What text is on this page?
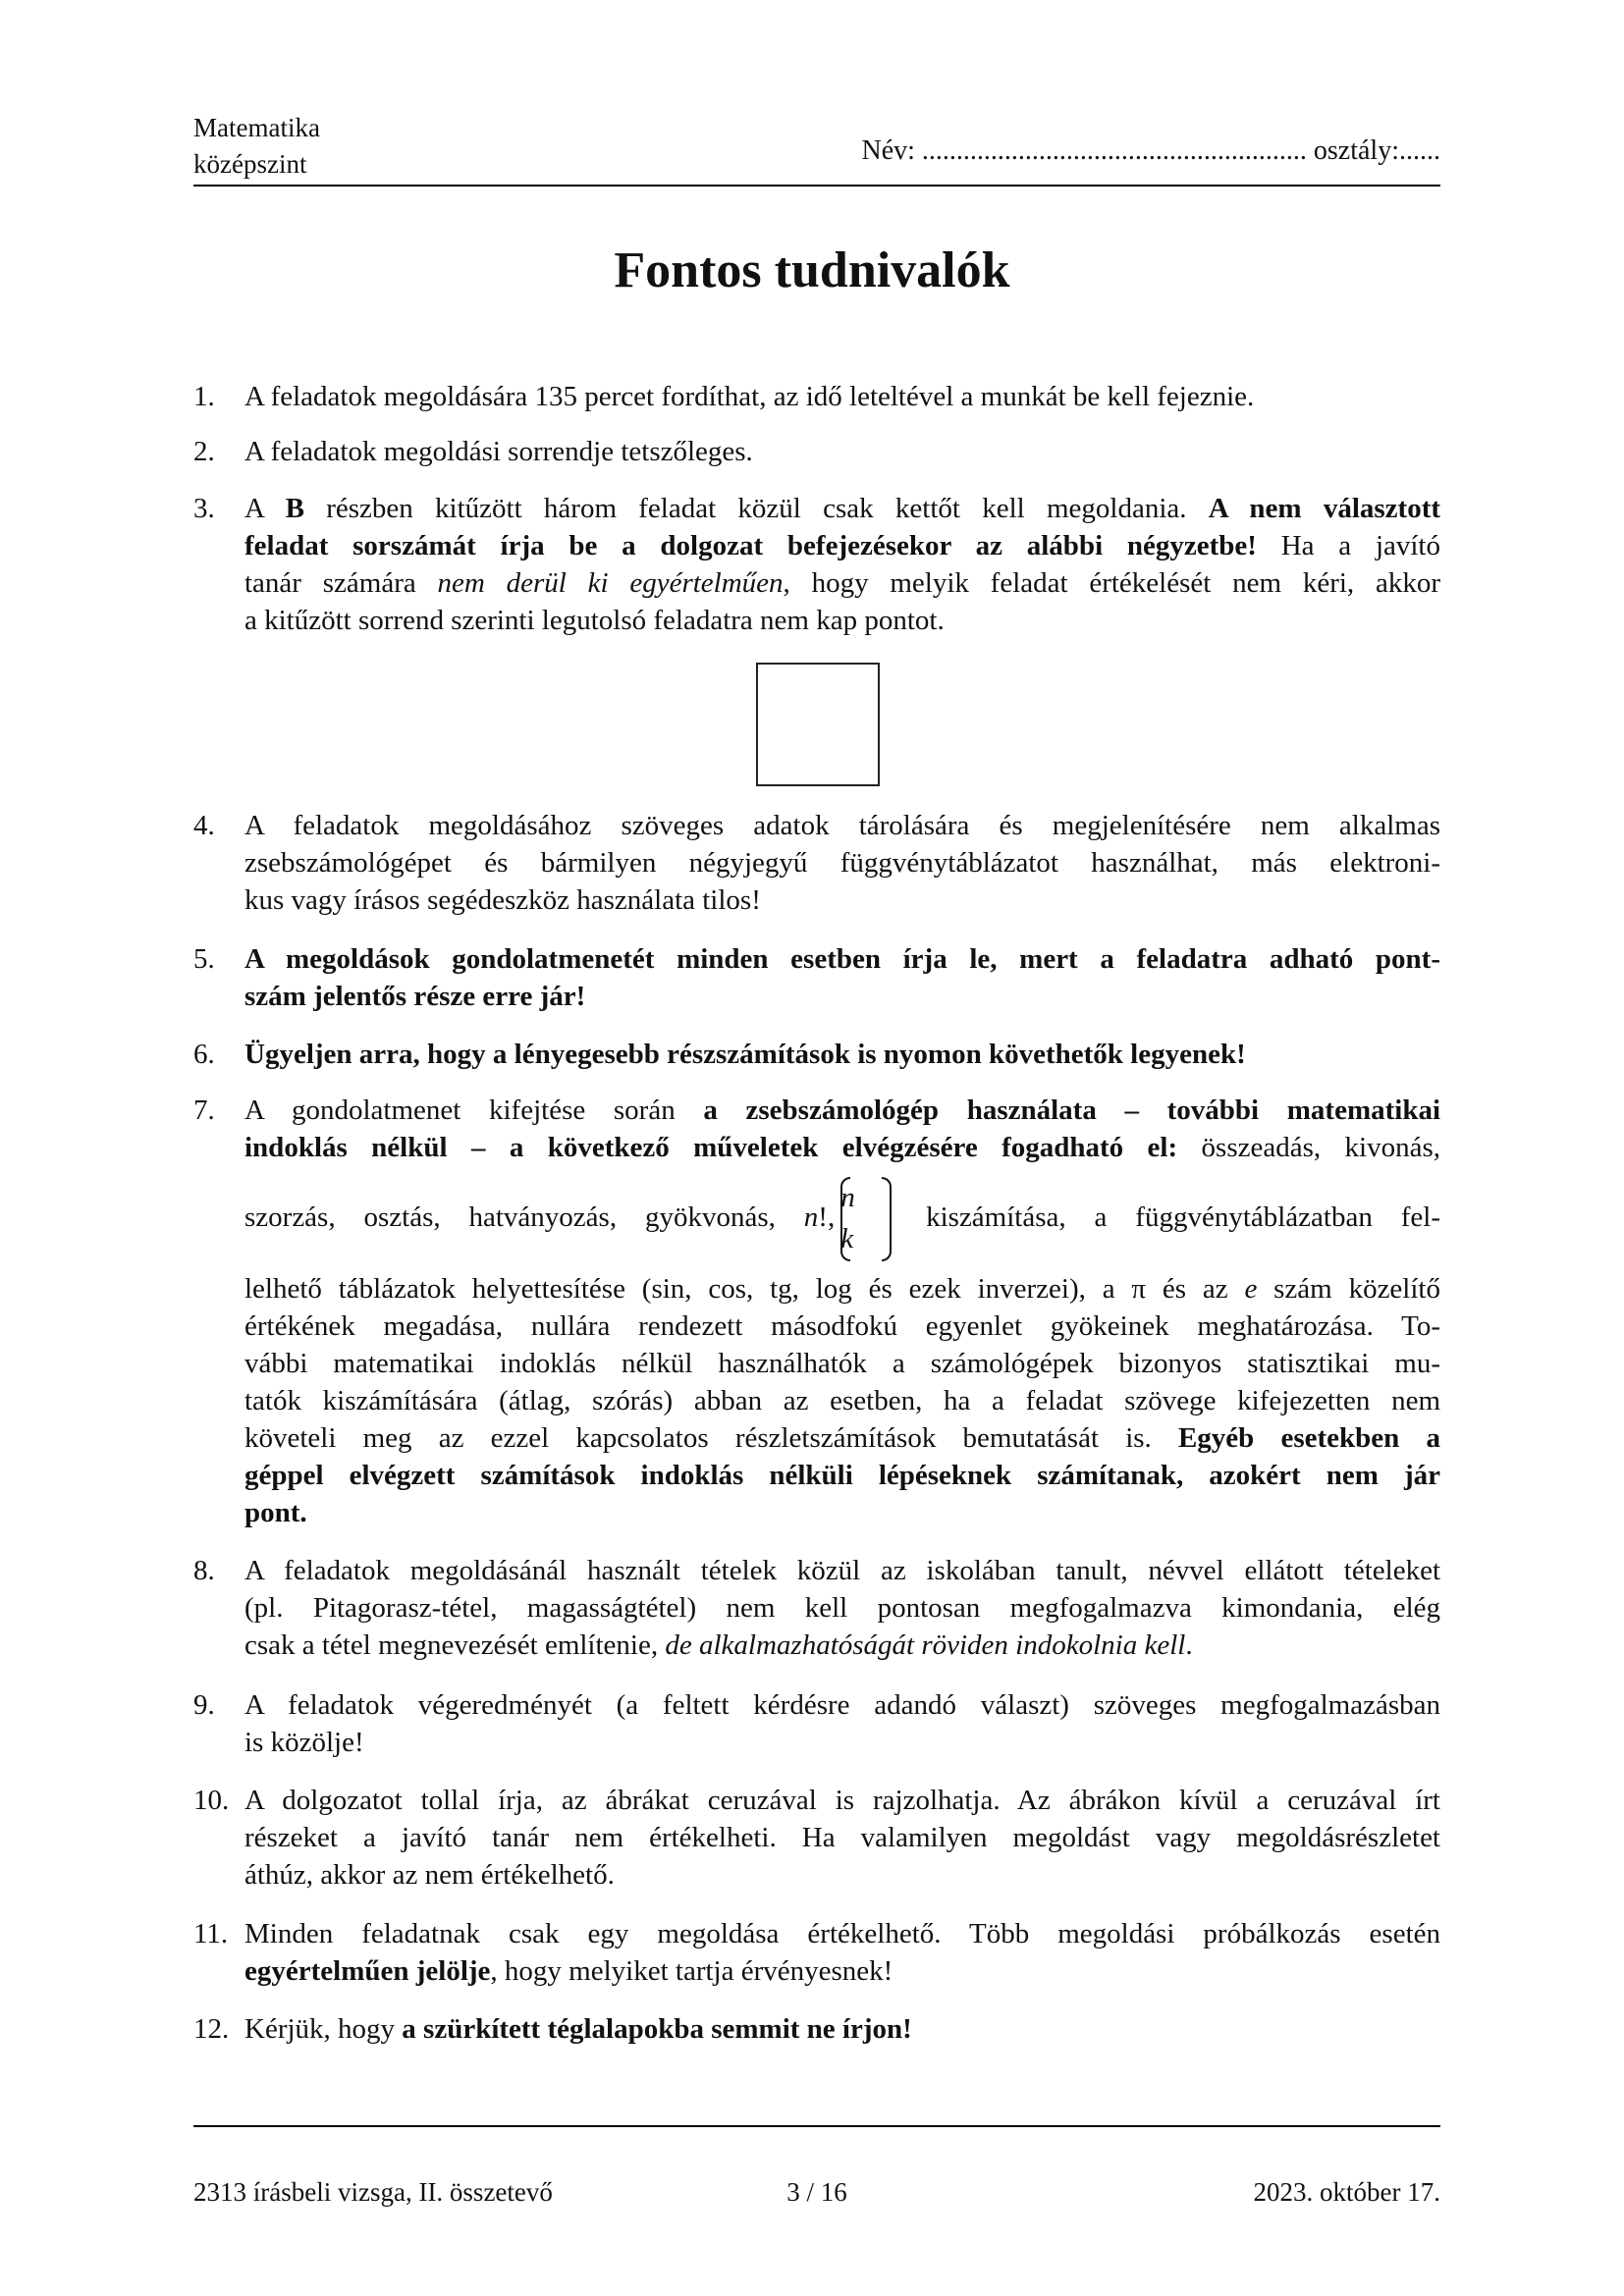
Matematika
középszint	Név: ........................................................ osztály:......
Fontos tudnivalók
1. A feladatok megoldására 135 percet fordíthat, az idő leteltével a munkát be kell fejeznie.
2. A feladatok megoldási sorrendje tetszőleges.
3. A B részben kitűzött három feladat közül csak kettőt kell megoldania. A nem választott
feladat sorszámát írja be a dolgozat befejezésekor az alábbi négyzetbe! Ha a javító
tanár számára nem derül ki egyértelműen, hogy melyik feladat értékelését nem kéri, akkor
a kitűzött sorrend szerinti legutolsó feladatra nem kap pontot.
4. A feladatok megoldásához szöveges adatok tárolására és megjelenítésére nem alkalmas
zsebszámológépet és bármilyen négyjegyű függvénytáblázatot használhat, más elektroni-
kus vagy írásos segédeszköz használata tilos!
5. A megoldások gondolatmenetét minden esetben írja le, mert a feladatra adható pont-
szám jelentős része erre jár!
6. Ügyeljen arra, hogy a lényegesebb részszámítások is nyomon követhetők legyenek!
7. A gondolatmenet kifejtése során a zsebszámológép használata – további matematikai
indoklás nélkül – a következő műveletek elvégzésére fogadható el: összeadás, kivonás,
szorzás, osztás, hatványozás, gyökvonás, n!,
n
k
kiszámítása, a függvénytáblázatban fel-
lelhető táblázatok helyettesítése (sin, cos, tg, log és ezek inverzei), a π és az e szám közelítő
értékének megadása, nullára rendezett másodfokú egyenlet gyökeinek meghatározása. To-
vábbi matematikai indoklás nélkül használhatók a számológépek bizonyos statisztikai mu-
tatók kiszámítására (átlag, szórás) abban az esetben, ha a feladat szövege kifejezetten nem
követeli meg az ezzel kapcsolatos részletszámítások bemutatását is. Egyéb esetekben a
géppel elvégzett számítások indoklás nélküli lépéseknek számítanak, azokért nem jár
pont.
8. A feladatok megoldásánál használt tételek közül az iskolában tanult, névvel ellátott tételeket
(pl. Pitagorasz-tétel, magasságtétel) nem kell pontosan megfogalmazva kimondania, elég
csak a tétel megnevezését említenie, de alkalmazhatóságát röviden indokolnia kell.
9. A feladatok végeredményét (a feltett kérdésre adandó választ) szöveges megfogalmazásban
is közölje!
10. A dolgozatot tollal írja, az ábrákat ceruzával is rajzolhatja. Az ábrákon kívül a ceruzával írt
részeket a javító tanár nem értékelheti. Ha valamilyen megoldást vagy megoldásrészletet
áthúz, akkor az nem értékelhető.
11. Minden feladatnak csak egy megoldása értékelhető. Több megoldási próbálkozás esetén
egyértelműen jelölje, hogy melyiket tartja érvényesnek!
12. Kérjük, hogy a szürkített téglalapokba semmit ne írjon!
2313 írásbeli vizsga, II. összetevő	3 / 16	2023. október 17.
